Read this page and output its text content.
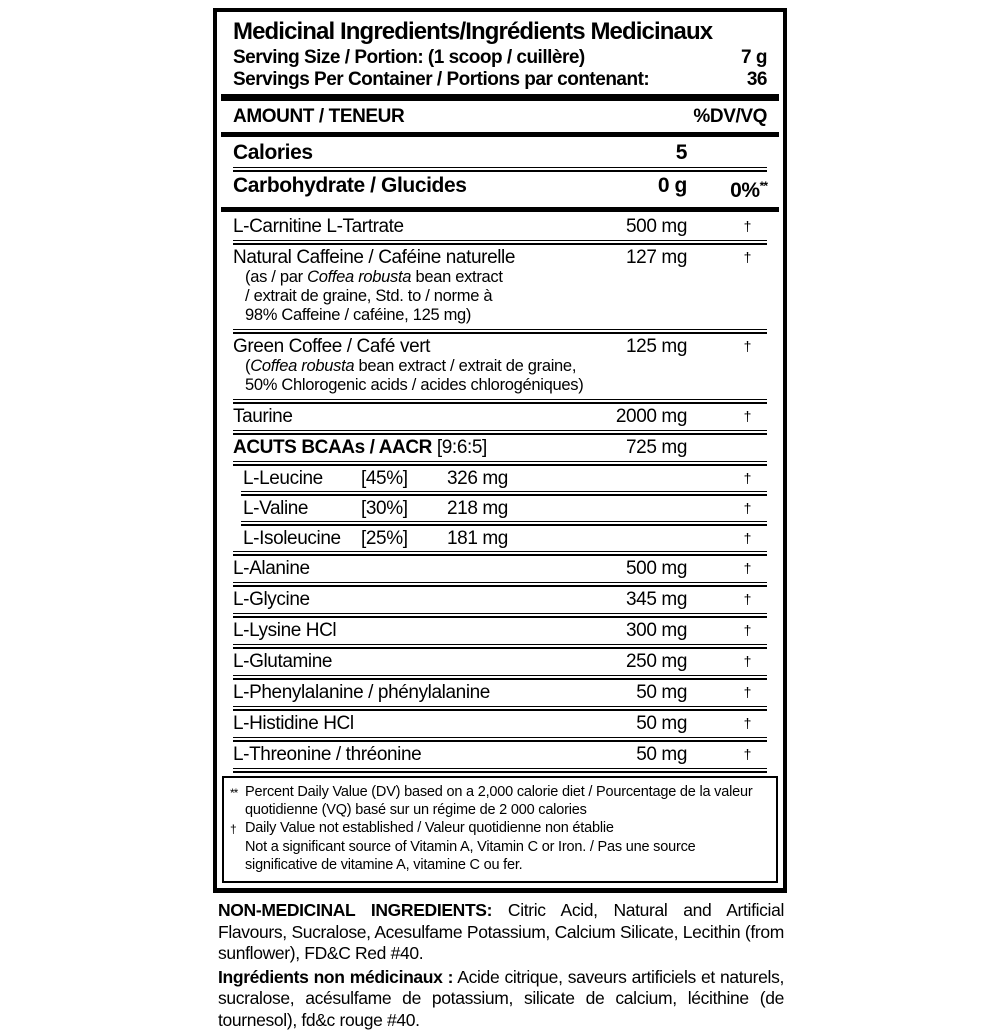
Medicinal Ingredients/Ingrédients Medicinaux
Serving Size / Portion: (1 scoop / cuillère)	7 g
Servings Per Container / Portions par contenant:	36
AMOUNT / TENEUR	%DV/VQ
Calories	5
Carbohydrate / Glucides	0 g	0%**
L-Carnitine L-Tartrate	500 mg	†
Natural Caffeine / Caféine naturelle	127 mg	†
(as / par Coffea robusta bean extract
/ extrait de graine, Std. to / norme à
98% Caffeine / caféine, 125 mg)
Green Coffee / Café vert	125 mg	†
(Coffea robusta bean extract / extrait de graine,
50% Chlorogenic acids / acides chlorogéniques)
Taurine	2000 mg	†
ACUTS BCAAs / AACR [9:6:5]	725 mg
L-Leucine	[45%]	326 mg	†
L-Valine	[30%]	218 mg	†
L-Isoleucine	[25%]	181 mg	†
L-Alanine	500 mg	†
L-Glycine	345 mg	†
L-Lysine HCl	300 mg	†
L-Glutamine	250 mg	†
L-Phenylalanine / phénylalanine	50 mg	†
L-Histidine HCl	50 mg	†
L-Threonine / thréonine	50 mg	†
** Percent Daily Value (DV) based on a 2,000 calorie diet / Pourcentage de la valeur quotidienne (VQ) basé sur un régime de 2 000 calories
† Daily Value not established / Valeur quotidienne non établie
Not a significant source of Vitamin A, Vitamin C or Iron. / Pas une source significative de vitamine A, vitamine C ou fer.

NON-MEDICINAL INGREDIENTS: Citric Acid, Natural and Artificial Flavours, Sucralose, Acesulfame Potassium, Calcium Silicate, Lecithin (from sunflower), FD&C Red #40.

Ingrédients non médicinaux : Acide citrique, saveurs artificiels et naturels, sucralose, acésulfame de potassium, silicate de calcium, lécithine (de tournesol), fd&c rouge #40.
